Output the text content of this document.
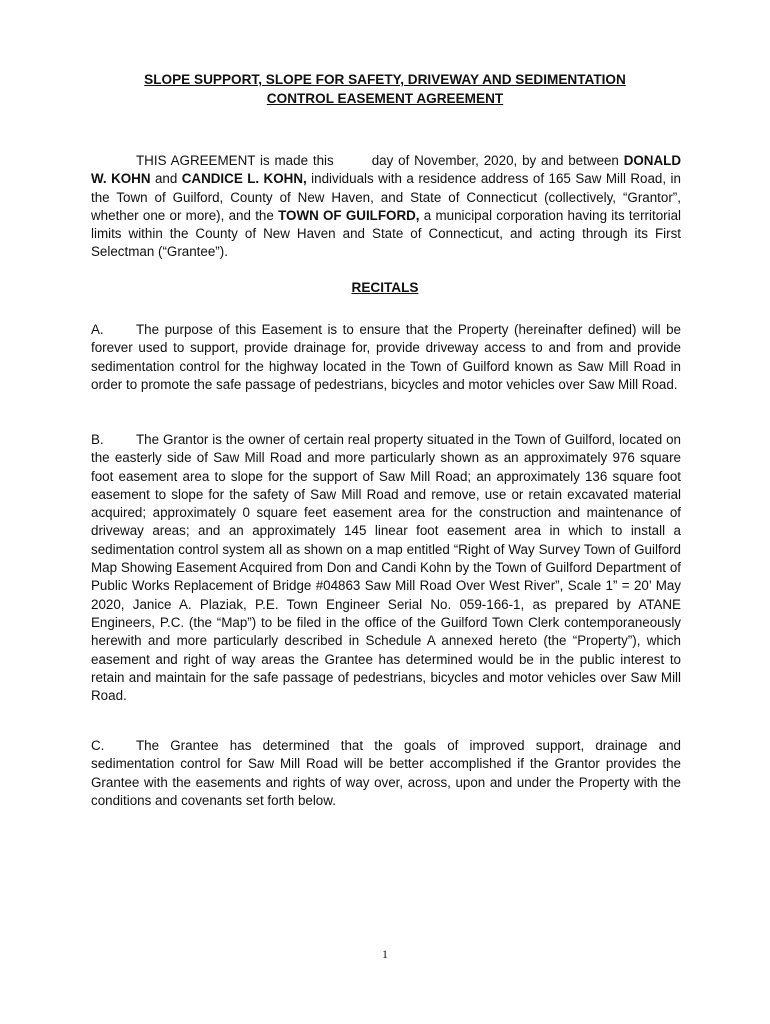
SLOPE SUPPORT, SLOPE FOR SAFETY, DRIVEWAY AND SEDIMENTATION
CONTROL EASEMENT AGREEMENT
THIS AGREEMENT is made this	day of November, 2020, by and between DONALD W. KOHN and CANDICE L. KOHN, individuals with a residence address of 165 Saw Mill Road, in the Town of Guilford, County of New Haven, and State of Connecticut (collectively, “Grantor”, whether one or more), and the TOWN OF GUILFORD, a municipal corporation having its territorial limits within the County of New Haven and State of Connecticut, and acting through its First Selectman (“Grantee”).
RECITALS
A. The purpose of this Easement is to ensure that the Property (hereinafter defined) will be forever used to support, provide drainage for, provide driveway access to and from and provide sedimentation control for the highway located in the Town of Guilford known as Saw Mill Road in order to promote the safe passage of pedestrians, bicycles and motor vehicles over Saw Mill Road.
B. The Grantor is the owner of certain real property situated in the Town of Guilford, located on the easterly side of Saw Mill Road and more particularly shown as an approximately 976 square foot easement area to slope for the support of Saw Mill Road; an approximately 136 square foot easement to slope for the safety of Saw Mill Road and remove, use or retain excavated material acquired; approximately 0 square feet easement area for the construction and maintenance of driveway areas; and an approximately 145 linear foot easement area in which to install a sedimentation control system all as shown on a map entitled “Right of Way Survey Town of Guilford Map Showing Easement Acquired from Don and Candi Kohn by the Town of Guilford Department of Public Works Replacement of Bridge #04863 Saw Mill Road Over West River”, Scale 1” = 20’ May 2020, Janice A. Plaziak, P.E. Town Engineer Serial No. 059-166-1, as prepared by ATANE Engineers, P.C. (the “Map”) to be filed in the office of the Guilford Town Clerk contemporaneously herewith and more particularly described in Schedule A annexed hereto (the “Property”), which easement and right of way areas the Grantee has determined would be in the public interest to retain and maintain for the safe passage of pedestrians, bicycles and motor vehicles over Saw Mill Road.
C. The Grantee has determined that the goals of improved support, drainage and sedimentation control for Saw Mill Road will be better accomplished if the Grantor provides the Grantee with the easements and rights of way over, across, upon and under the Property with the conditions and covenants set forth below.
1
